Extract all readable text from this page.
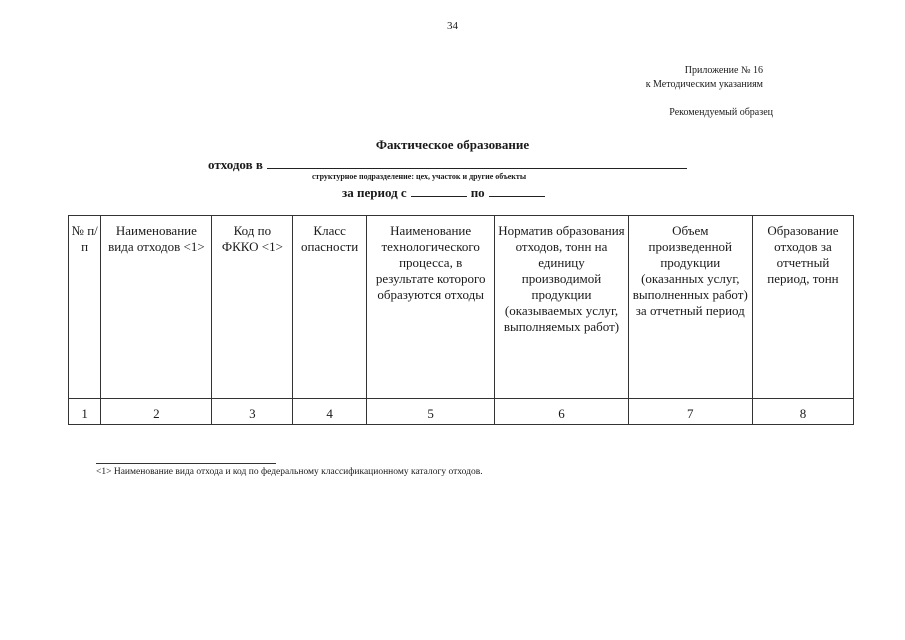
34
Приложение № 16
к Методическим указаниям
Рекомендуемый образец
Фактическое образование
отходов в
структурное подразделение: цех, участок и другие объекты
за период с	по
№ п/п	Наименование вида отходов <1>	Код по ФККО <1>	Класс опасности	Наименование технологического процесса, в результате которого образуются отходы	Норматив образования отходов, тонн на единицу производимой продукции (оказываемых услуг, выполняемых работ)	Объем произведенной продукции (оказанных услуг, выполненных работ) за отчетный период	Образование отходов за отчетный период, тонн
1	2	3	4	5	6	7	8
<1> Наименование вида отхода и код по федеральному классификационному каталогу отходов.
